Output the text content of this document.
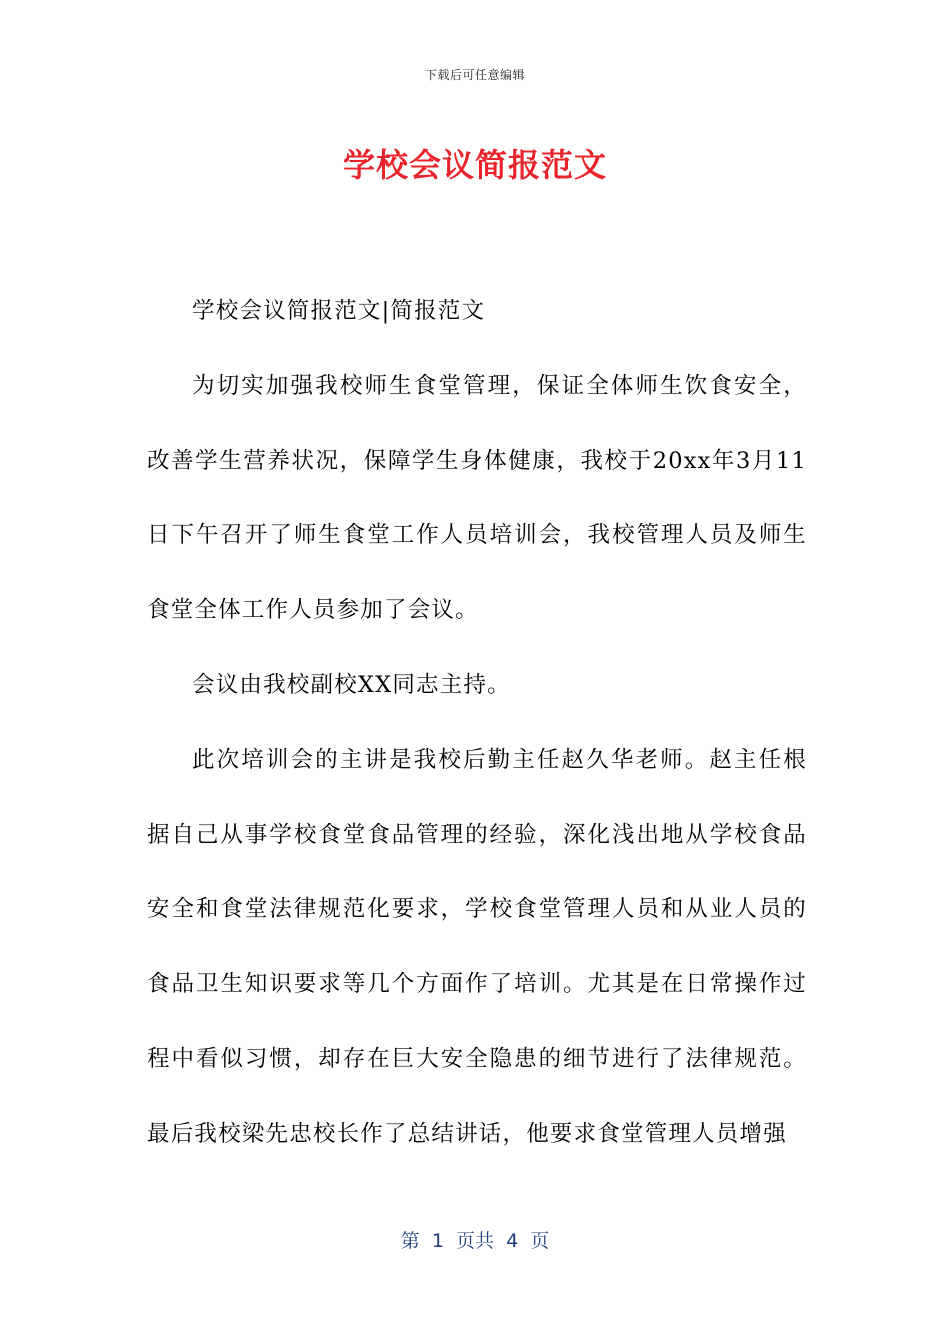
下载后可任意编辑
学校会议简报范文

学校会议简报范文|简报范文

为切实加强我校师生食堂管理，保证全体师生饮食安全，改善学生营养状况，保障学生身体健康，我校于20xx年3月11日下午召开了师生食堂工作人员培训会，我校管理人员及师生食堂全体工作人员参加了会议。

会议由我校副校XX同志主持。

此次培训会的主讲是我校后勤主任赵久华老师。赵主任根据自己从事学校食堂食品管理的经验，深化浅出地从学校食品安全和食堂法律规范化要求，学校食堂管理人员和从业人员的食品卫生知识要求等几个方面作了培训。尤其是在日常操作过程中看似习惯，却存在巨大安全隐患的细节进行了法律规范。最后我校梁先忠校长作了总结讲话，他要求食堂管理人员增强

第  1  页共  4  页
